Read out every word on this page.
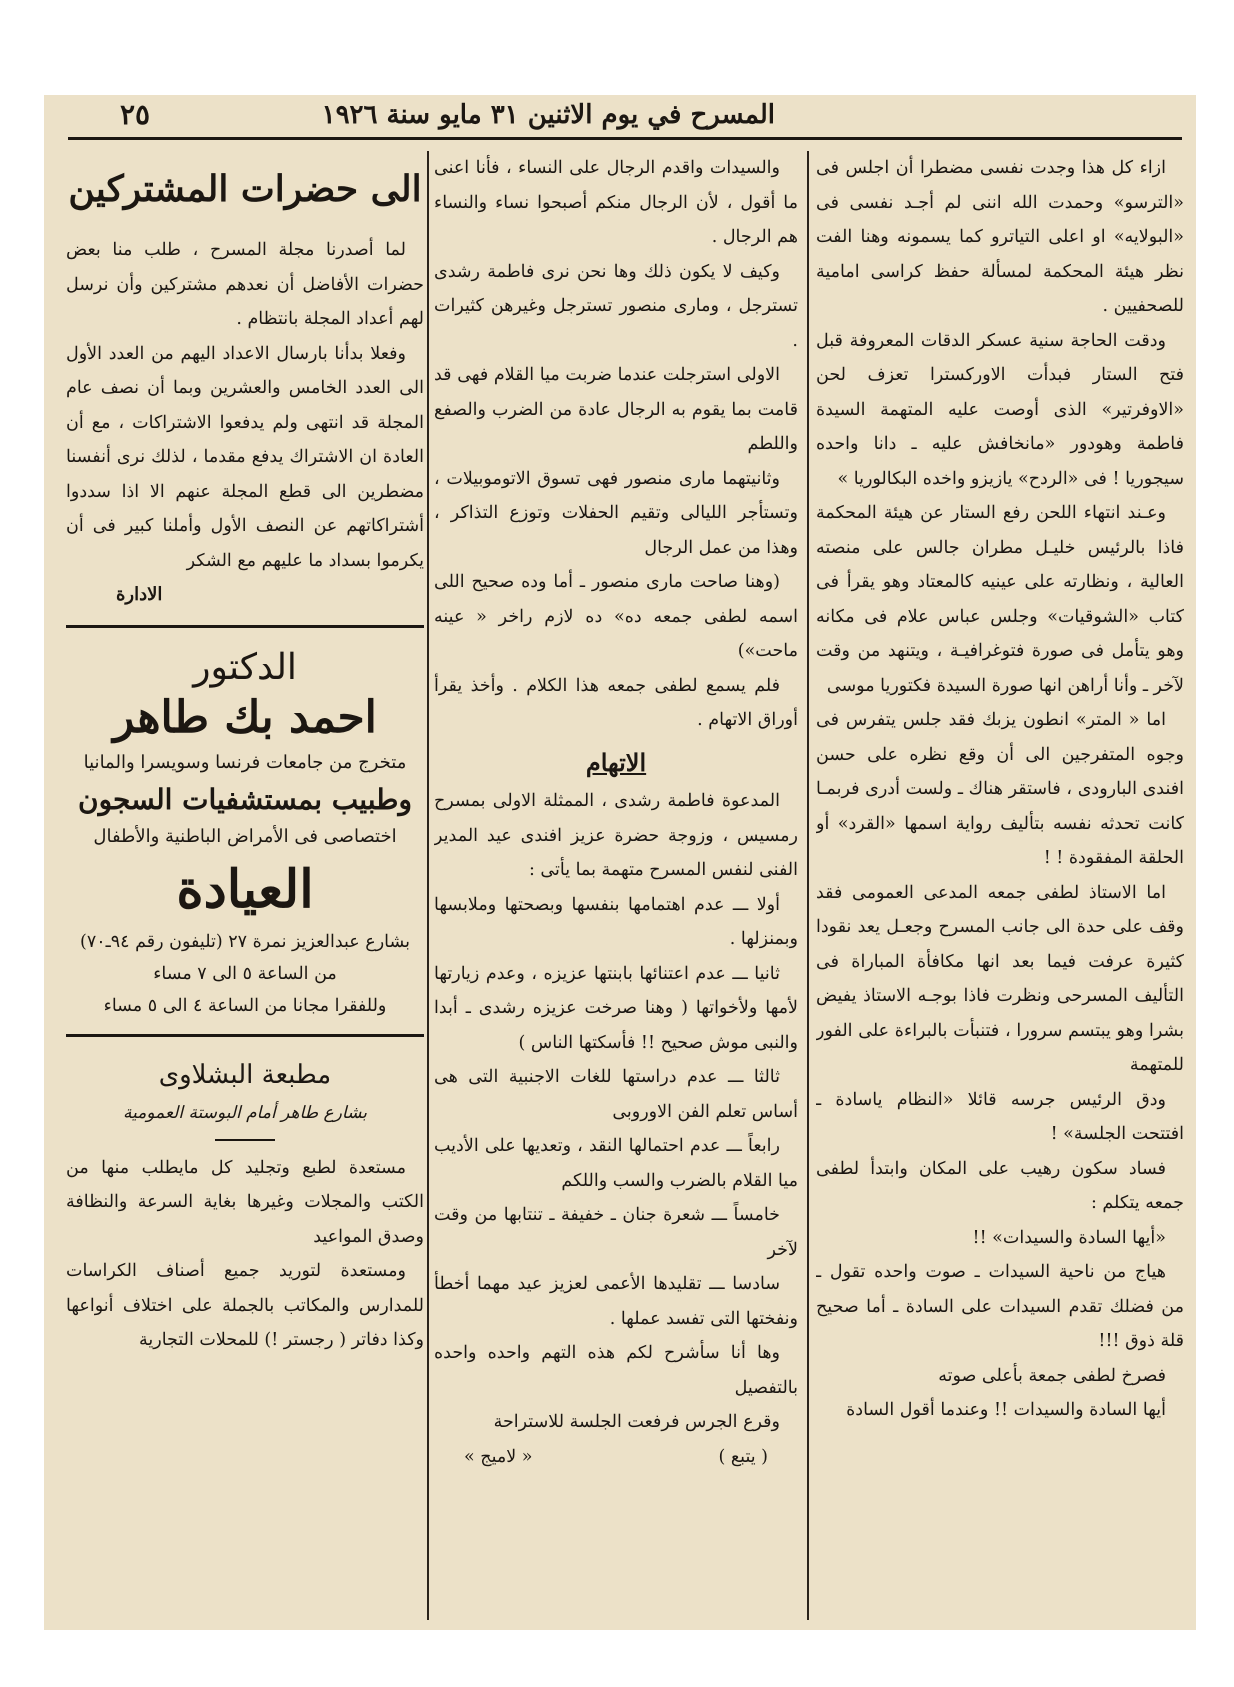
المسرح في يوم الاثنين ٣١ مايو سنة ١٩٢٦
٢٥

ازاء كل هذا وجدت نفسى مضطرا أن اجلس فى «الترسو» وحمدت الله اننى لم أجـد نفسى فى «البولايه» او اعلى التياترو كما يسمونه وهنا الفت نظر هيئة المحكمة لمسألة حفظ كراسى امامية للصحفيين .

ودقت الحاجة سنية عسكر الدقات المعروفة قبل فتح الستار فبدأت الاوركسترا تعزف لحن «الاوفرتير» الذى أوصت عليه المتهمة السيدة فاطمة وهودور «مانخافش عليه ـ دانا واحده سيجوريا ! فى «الردح» يازيزو واخده البكالوريا »

وعـند انتهاء اللحن رفع الستار عن هيئة المحكمة فاذا بالرئيس خليـل مطران جالس على منصته العالية ، ونظارته على عينيه كالمعتاد وهو يقرأ فى كتاب «الشوقيات» وجلس عباس علام فى مكانه وهو يتأمل فى صورة فتوغرافيـة ، ويتنهد من وقت لآخر ـ وأنا أراهن انها صورة السيدة فكتوريا موسى

اما « المتر» انطون يزبك فقد جلس يتفرس فى وجوه المتفرجين الى أن وقع نظره على حسن افندى البارودى ، فاستقر هناك ـ ولست أدرى فربمـا كانت تحدثه نفسه بتأليف رواية اسمها «القرد» أو الحلقة المفقودة ! !

اما الاستاذ لطفى جمعه المدعى العمومى فقد وقف على حدة الى جانب المسرح وجعـل يعد نقودا كثيرة عرفت فيما بعد انها مكافأة المباراة فى التأليف المسرحى ونظرت فاذا بوجـه الاستاذ يفيض بشرا وهو يبتسم سرورا ، فتنبأت بالبراءة على الفور للمتهمة

ودق الرئيس جرسه قائلا «النظام ياسادة ـ افتتحت الجلسة» !

فساد سكون رهيب على المكان وابتدأ لطفى جمعه يتكلم :

«أيها السادة والسيدات» !!

هياج من ناحية السيدات ـ صوت واحده تقول ـ من فضلك تقدم السيدات على السادة ـ أما صحيح قلة ذوق !!!

فصرخ لطفى جمعة بأعلى صوته

أيها السادة والسيدات !! وعندما أقول السادة

والسيدات واقدم الرجال على النساء ، فأنا اعنى ما أقول ، لأن الرجال منكم أصبحوا نساء والنساء هم الرجال .

وكيف لا يكون ذلك وها نحن نرى فاطمة رشدى تسترجل ، ومارى منصور تسترجل وغيرهن كثيرات .

الاولى استرجلت عندما ضربت ميا القلام فهى قد قامت بما يقوم به الرجال عادة من الضرب والصفع واللطم

وثانيتهما مارى منصور فهى تسوق الاتوموبيلات ، وتستأجر الليالى وتقيم الحفلات وتوزع التذاكر ، وهذا من عمل الرجال

(وهنا صاحت مارى منصور ـ أما وده صحيح اللى اسمه لطفى جمعه ده» ده لازم راخر « عينه ماحت»)

فلم يسمع لطفى جمعه هذا الكلام . وأخذ يقرأ أوراق الاتهام .

الاتهام

المدعوة فاطمة رشدى ، الممثلة الاولى بمسرح رمسيس ، وزوجة حضرة عزيز افندى عيد المدير الفنى لنفس المسرح متهمة بما يأتى :

أولا ـــ عدم اهتمامها بنفسها وبصحتها وملابسها وبمنزلها .

ثانيا ـــ عدم اعتنائها بابنتها عزيزه ، وعدم زيارتها لأمها ولأخواتها ( وهنا صرخت عزيزه رشدى ـ أبدا والنبى موش صحيح !! فأسكتها الناس )

ثالثا ـــ عدم دراستها للغات الاجنبية التى هى أساس تعلم الفن الاوروبى

رابعاً ـــ عدم احتمالها النقد ، وتعديها على الأديب ميا القلام بالضرب والسب واللكم

خامساً ـــ شعرة جنان ـ خفيفة ـ تنتابها من وقت لآخر

سادسا ـــ تقليدها الأعمى لعزيز عيد مهما أخطأ ونفختها التى تفسد عملها .

وها أنا سأشرح لكم هذه التهم واحده واحده بالتفصيل

وقرع الجرس فرفعت الجلسة للاستراحة

( يتبع )
« لاميج »
الى حضرات المشتركين

لما أصدرنا مجلة المسرح ، طلب منا بعض حضرات الأفاضل أن نعدهم مشتركين وأن نرسل لهم أعداد المجلة بانتظام .

وفعلا بدأنا بارسال الاعداد اليهم من العدد الأول الى العدد الخامس والعشرين وبما أن نصف عام المجلة قد انتهى ولم يدفعوا الاشتراكات ، مع أن العادة ان الاشتراك يدفع مقدما ، لذلك نرى أنفسنا مضطرين الى قطع المجلة عنهم الا اذا سددوا أشتراكاتهم عن النصف الأول وأملنا كبير فى أن يكرموا بسداد ما عليهم مع الشكر

الادارة
الدكتور
احمد بك طاهر
متخرج من جامعات فرنسا وسويسرا والمانيا
وطبيب بمستشفيات السجون
اختصاصى فى الأمراض الباطنية والأطفال
العيادة
بشارع عبدالعزيز نمرة ٢٧ (تليفون رقم ٩٤ـ٧٠)
من الساعة ٥ الى ٧ مساء
وللفقرا مجانا من الساعة ٤ الى ٥ مساء
مطبعة البشلاوى
بشارع طاهر أمام البوستة العمومية

مستعدة لطبع وتجليد كل مايطلب منها من الكتب والمجلات وغيرها بغاية السرعة والنظافة وصدق المواعيد

ومستعدة لتوريد جميع أصناف الكراسات للمدارس والمكاتب بالجملة على اختلاف أنواعها وكذا دفاتر ( رجستر !) للمحلات التجارية
